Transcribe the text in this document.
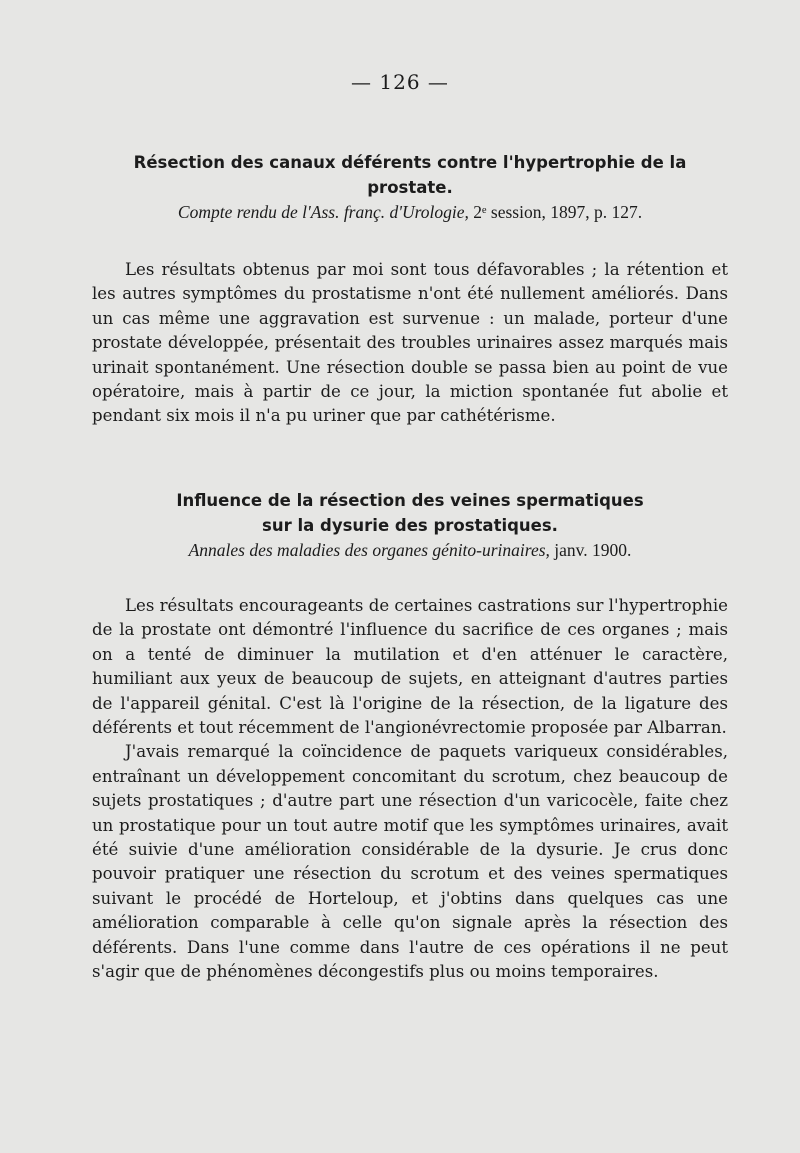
— 126 —
Résection des canaux déférents contre l'hypertrophie de la prostate.
Compte rendu de l'Ass. franç. d'Urologie, 2ᵉ session, 1897, p. 127.

Les résultats obtenus par moi sont tous défavorables ; la rétention et les autres symptômes du prostatisme n'ont été nullement améliorés. Dans un cas même une aggravation est survenue : un malade, porteur d'une prostate développée, présentait des troubles urinaires assez marqués mais urinait spontanément. Une résection double se passa bien au point de vue opératoire, mais à partir de ce jour, la miction spontanée fut abolie et pendant six mois il n'a pu uriner que par cathétérisme.

Influence de la résection des veines spermatiques
sur la dysurie des prostatiques.
Annales des maladies des organes génito-urinaires, janv. 1900.

Les résultats encourageants de certaines castrations sur l'hypertrophie de la prostate ont démontré l'influence du sacrifice de ces organes ; mais on a tenté de diminuer la mutilation et d'en atténuer le caractère, humiliant aux yeux de beaucoup de sujets, en atteignant d'autres parties de l'appareil génital. C'est là l'origine de la résection, de la ligature des déférents et tout récemment de l'angionévrectomie proposée par Albarran.

J'avais remarqué la coïncidence de paquets variqueux considérables, entraînant un développement concomitant du scrotum, chez beaucoup de sujets prostatiques ; d'autre part une résection d'un varicocèle, faite chez un prostatique pour un tout autre motif que les symptômes urinaires, avait été suivie d'une amélioration considérable de la dysurie. Je crus donc pouvoir pratiquer une résection du scrotum et des veines spermatiques suivant le procédé de Horteloup, et j'obtins dans quelques cas une amélioration comparable à celle qu'on signale après la résection des déférents. Dans l'une comme dans l'autre de ces opérations il ne peut s'agir que de phénomènes décongestifs plus ou moins temporaires.
